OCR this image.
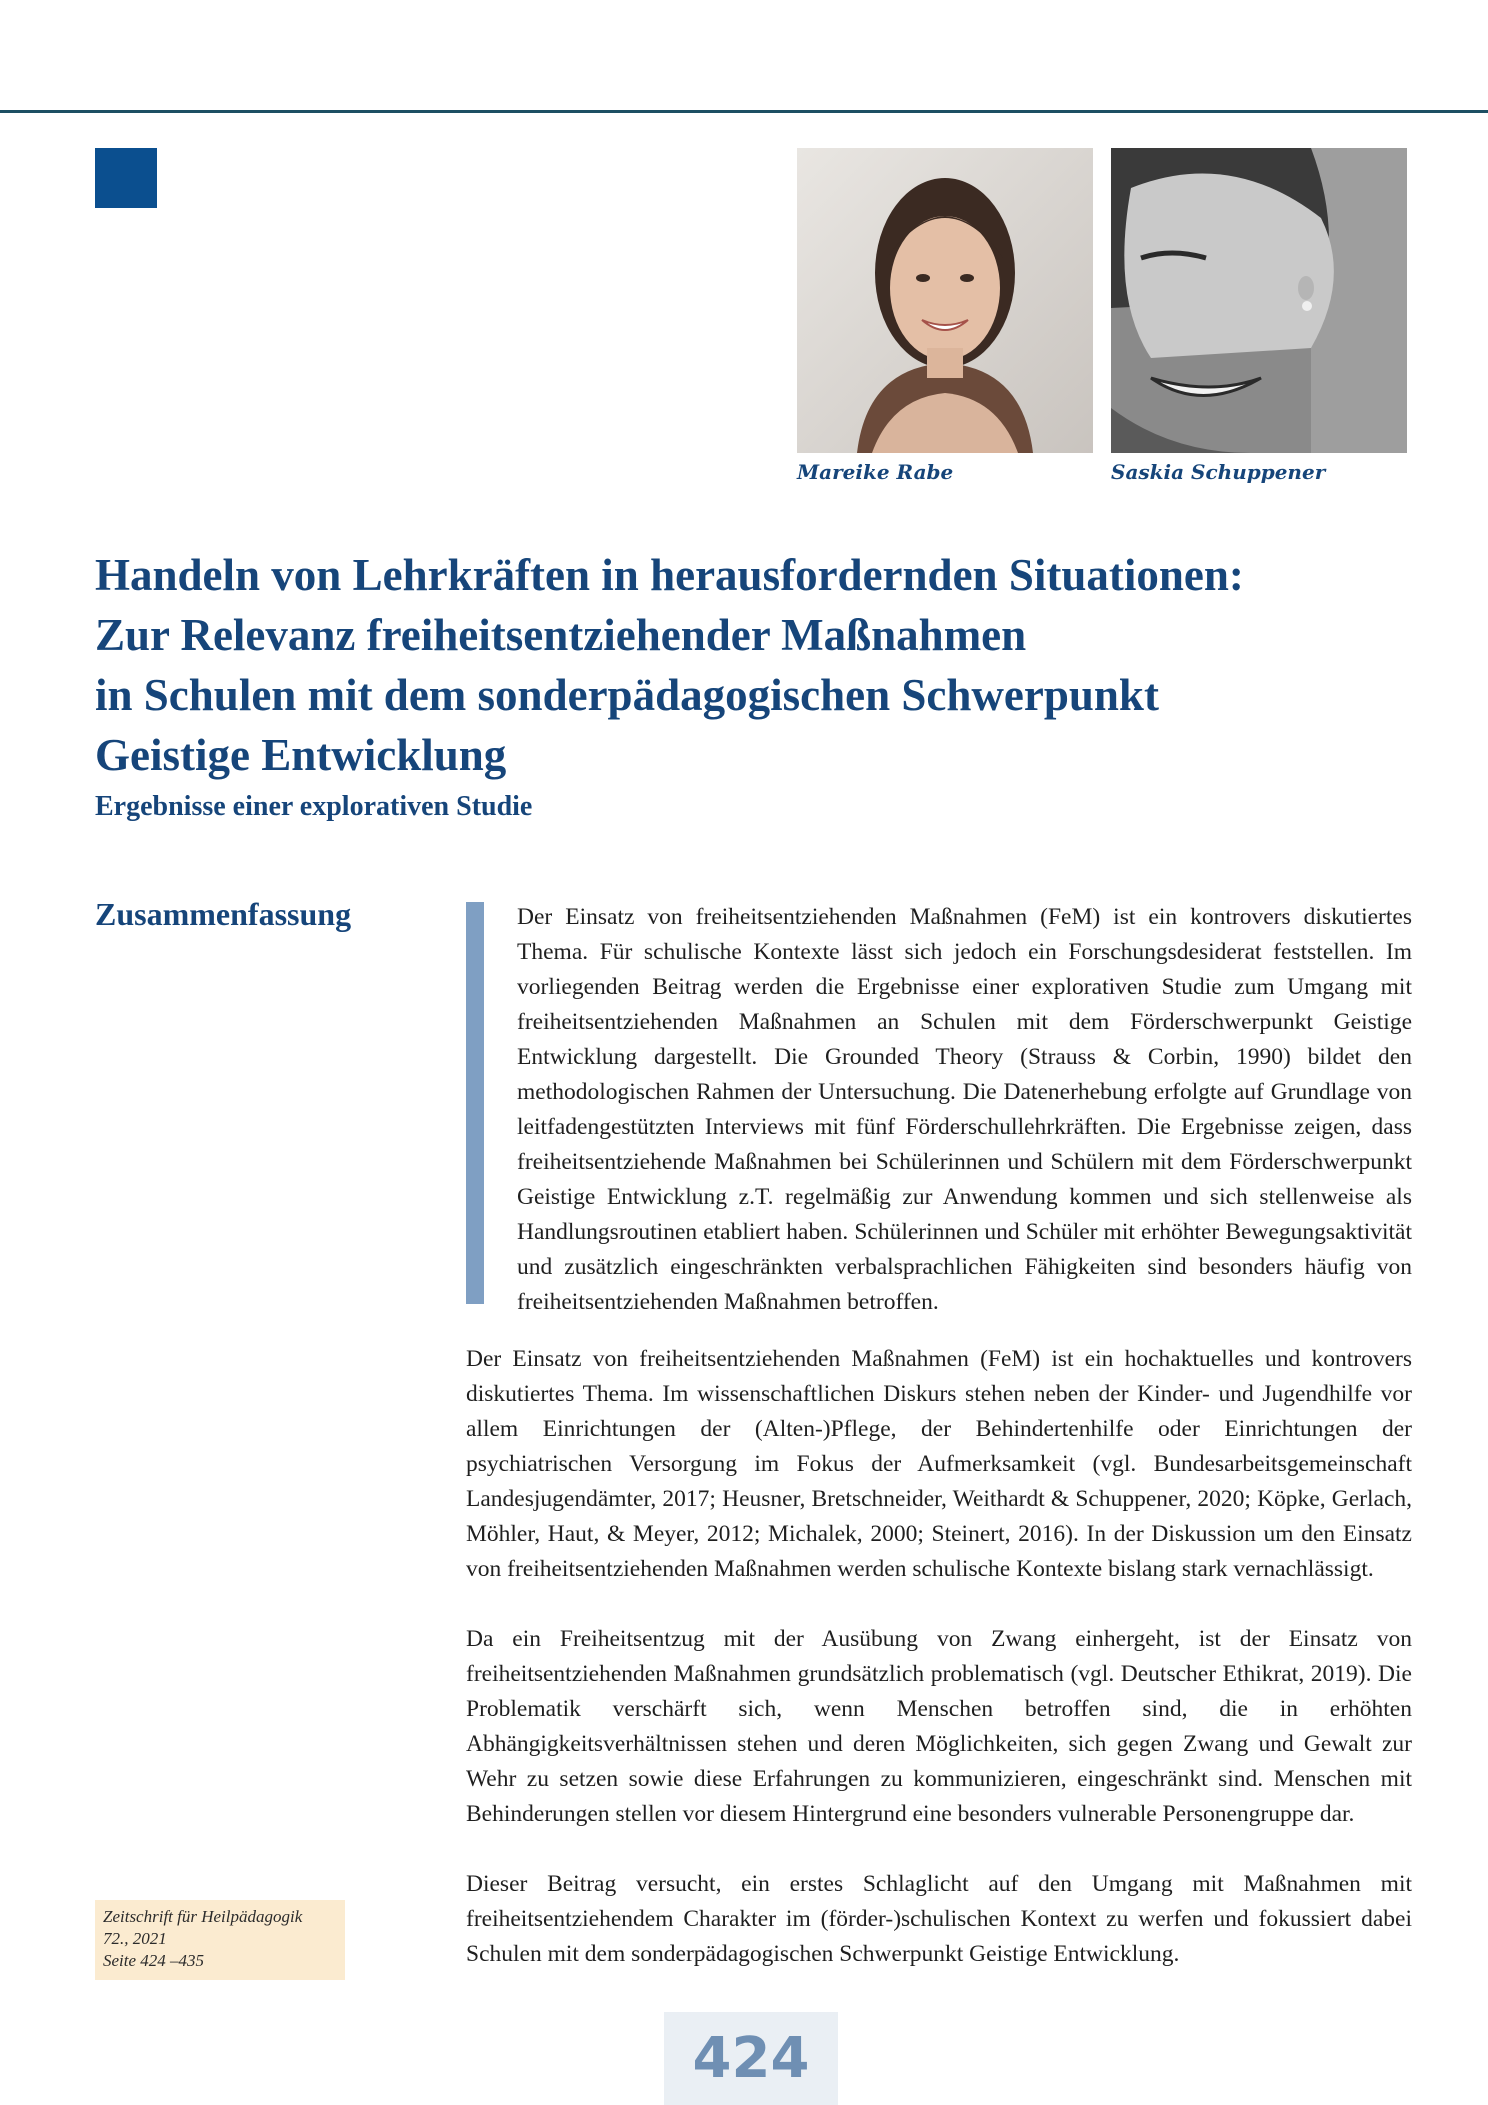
Mareike Rabe	Saskia Schuppener
Handeln von Lehrkräften in herausfordernden Situationen:
Zur Relevanz freiheitsentziehender Maßnahmen
in Schulen mit dem sonderpädagogischen Schwerpunkt
Geistige Entwicklung
Ergebnisse einer explorativen Studie
Zusammenfassung	Der Einsatz von freiheitsentziehenden Maßnahmen (FeM) ist ein kontrovers diskutiertes Thema. Für schulische Kontexte lässt sich jedoch ein Forschungsdesiderat feststellen. Im vorliegenden Beitrag werden die Ergebnisse einer explorativen Studie zum Umgang mit freiheitsentziehenden Maßnahmen an Schulen mit dem Förderschwerpunkt Geistige Entwicklung dargestellt. Die Grounded Theory (Strauss & Corbin, 1990) bildet den methodologischen Rahmen der Untersuchung. Die Datenerhebung erfolgte auf Grundlage von leitfadengestützten Interviews mit fünf Förderschullehrkräften. Die Ergebnisse zeigen, dass freiheitsentziehende Maßnahmen bei Schülerinnen und Schülern mit dem Förderschwerpunkt Geistige Entwicklung z.T. regelmäßig zur Anwendung kommen und sich stellenweise als Handlungsroutinen etabliert haben. Schülerinnen und Schüler mit erhöhter Bewegungsaktivität und zusätzlich eingeschränkten verbalsprachlichen Fähigkeiten sind besonders häufig von freiheitsentziehenden Maßnahmen betroffen.

Der Einsatz von freiheitsentziehenden Maßnahmen (FeM) ist ein hochaktuelles und kontrovers diskutiertes Thema. Im wissenschaftlichen Diskurs stehen neben der Kinder- und Jugendhilfe vor allem Einrichtungen der (Alten-)Pflege, der Behindertenhilfe oder Einrichtungen der psychiatrischen Versorgung im Fokus der Aufmerksamkeit (vgl. Bundesarbeitsgemeinschaft Landesjugendämter, 2017; Heusner, Bretschneider, Weithardt & Schuppener, 2020; Köpke, Gerlach, Möhler, Haut, & Meyer, 2012; Michalek, 2000; Steinert, 2016). In der Diskussion um den Einsatz von freiheitsentziehenden Maßnahmen werden schulische Kontexte bislang stark vernachlässigt.

Da ein Freiheitsentzug mit der Ausübung von Zwang einhergeht, ist der Einsatz von freiheitsentziehenden Maßnahmen grundsätzlich problematisch (vgl. Deutscher Ethikrat, 2019). Die Problematik verschärft sich, wenn Menschen betroffen sind, die in erhöhten Abhängigkeitsverhältnissen stehen und deren Möglichkeiten, sich gegen Zwang und Gewalt zur Wehr zu setzen sowie diese Erfahrungen zu kommunizieren, eingeschränkt sind. Menschen mit Behinderungen stellen vor diesem Hintergrund eine besonders vulnerable Personengruppe dar.

Dieser Beitrag versucht, ein erstes Schlaglicht auf den Umgang mit Maßnahmen mit freiheitsentziehendem Charakter im (förder-)schulischen Kontext zu werfen und fokussiert dabei Schulen mit dem sonderpädagogischen Schwerpunkt Geistige Entwicklung.

Zeitschrift für Heilpädagogik
72., 2021
Seite 424 –435
424
